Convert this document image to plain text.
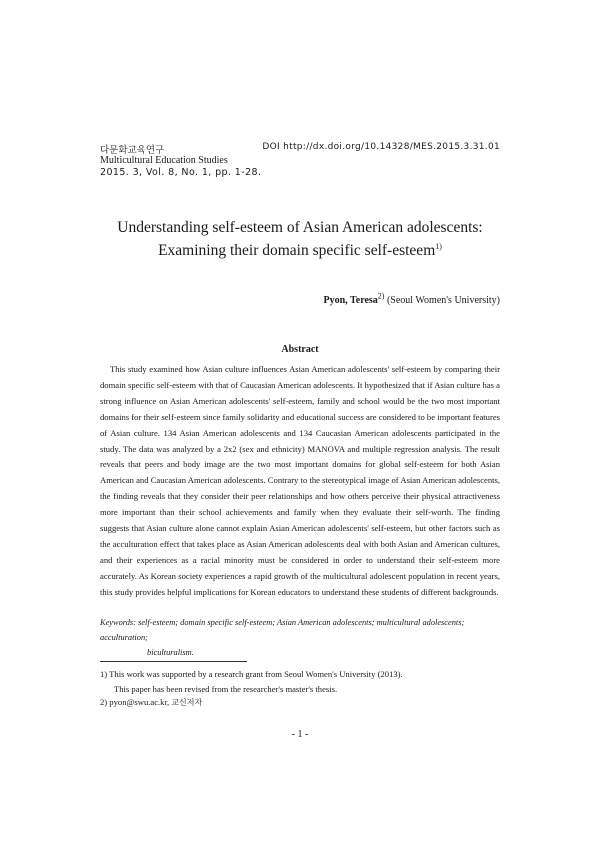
다문화교육연구	DOI http://dx.doi.org/10.14328/MES.2015.3.31.01
Multicultural Education Studies
2015. 3, Vol. 8, No. 1, pp. 1-28.
Understanding self-esteem of Asian American adolescents:
Examining their domain specific self-esteem$^{1)}$
Pyon, Teresa$^{2)}$ (Seoul Women's University)
Abstract

This study examined how Asian culture influences Asian American adolescents' self-esteem by comparing their domain specific self-esteem with that of Caucasian American adolescents. It hypothesized that if Asian culture has a strong influence on Asian American adolescents' self-esteem, family and school would be the two most important domains for their self-esteem since family solidarity and educational success are considered to be important features of Asian culture. 134 Asian American adolescents and 134 Caucasian American adolescents participated in the study. The data was analyzed by a 2x2 (sex and ethnicity) MANOVA and multiple regression analysis. The result reveals that peers and body image are the two most important domains for global self-esteem for both Asian American and Caucasian American adolescents. Contrary to the stereotypical image of Asian American adolescents, the finding reveals that they consider their peer relationships and how others perceive their physical attractiveness more important than their school achievements and family when they evaluate their self-worth. The finding suggests that Asian culture alone cannot explain Asian American adolescents' self-esteem, but other factors such as the acculturation effect that takes place as Asian American adolescents deal with both Asian and American cultures, and their experiences as a racial minority must be considered in order to understand their self-esteem more accurately. As Korean society experiences a rapid growth of the multicultural adolescent population in recent years, this study provides helpful implications for Korean educators to understand these students of different backgrounds.

Keywords: self-esteem; domain specific self-esteem; Asian American adolescents; multicultural adolescents; acculturation;
biculturalism.

1) This work was supported by a research grant from Seoul Women's University (2013).
This paper has been revised from the researcher's master's thesis.
2) pyon@swu.ac.kr, 교신저자
- 1 -
